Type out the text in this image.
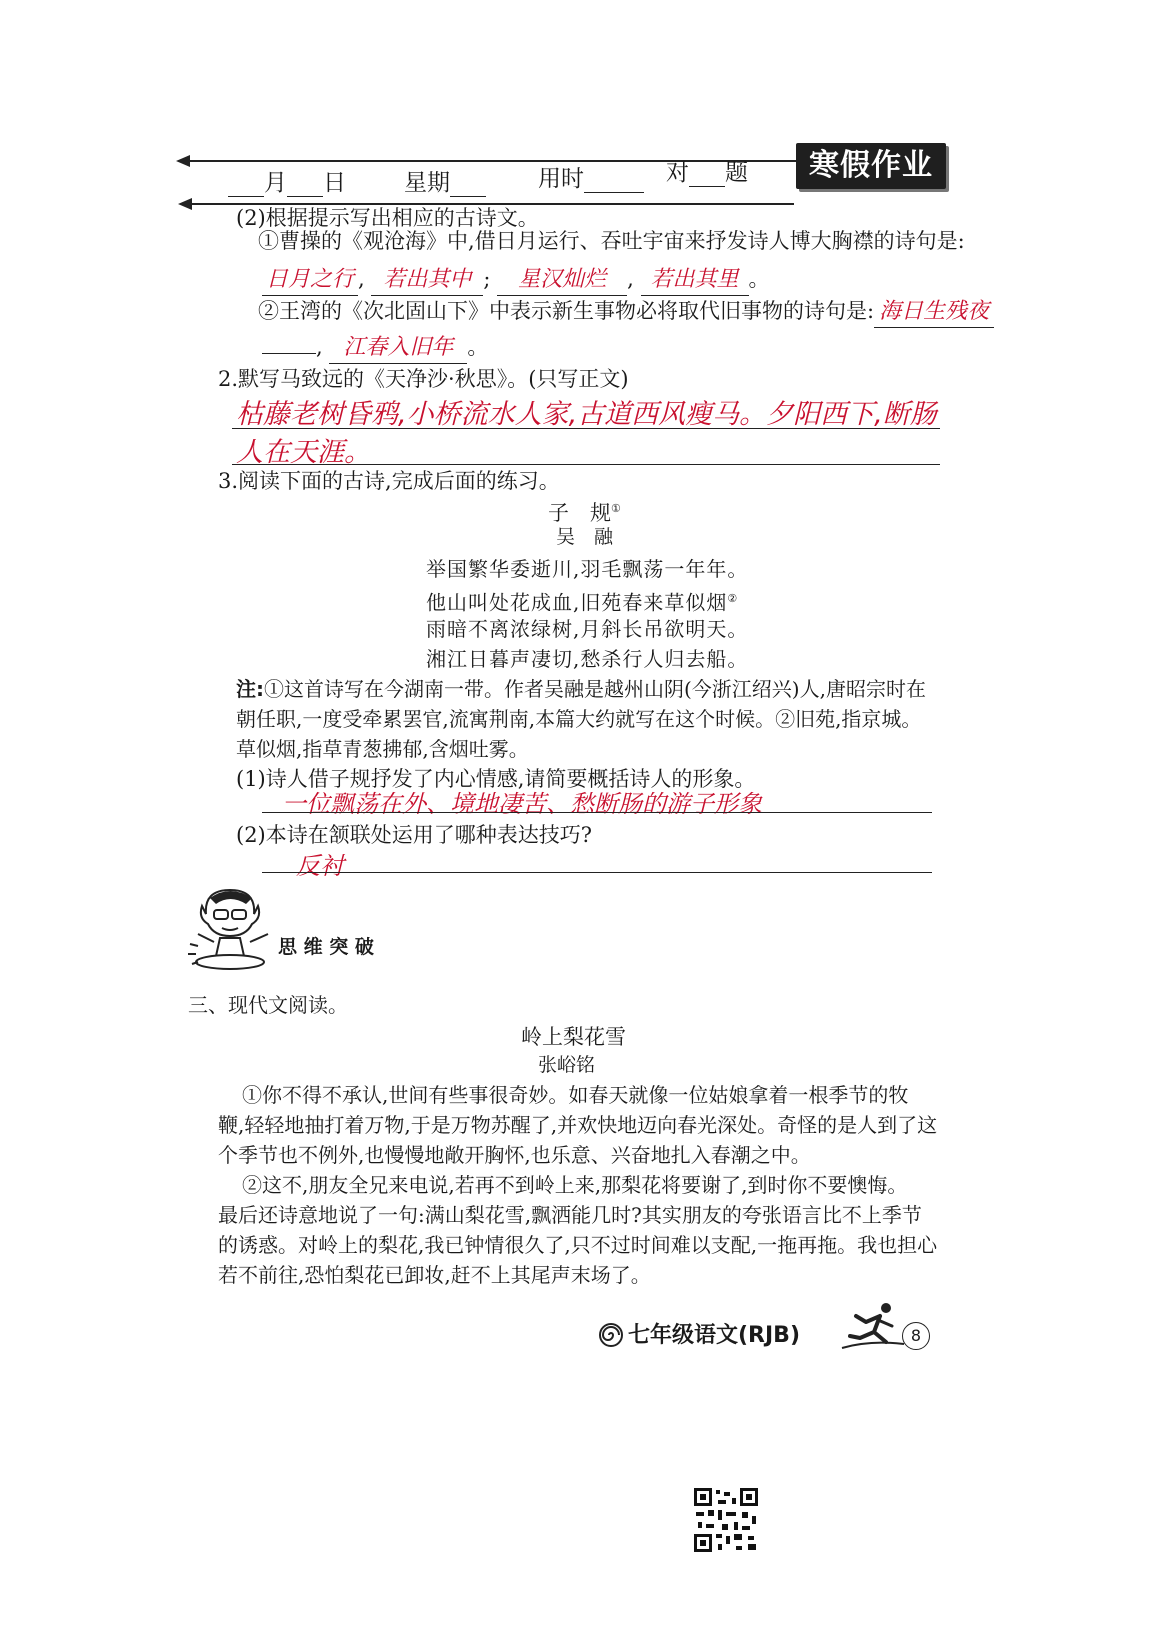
寒假作业
月 日	星期	用时	对 题
(2)根据提示写出相应的古诗文。
①曹操的《观沧海》中,借日月运行、吞吐宇宙来抒发诗人博大胸襟的诗句是:
日月之行 , 若出其中 ; 星汉灿烂 , 若出其里 。
②王湾的《次北固山下》中表示新生事物必将取代旧事物的诗句是: 海日生残夜
, 江春入旧年 。
2.默写马致远的《天净沙·秋思》。(只写正文)
枯藤老树昏鸦,小桥流水人家,古道西风瘦马。夕阳西下,断肠
人在天涯。
3.阅读下面的古诗,完成后面的练习。
子　规①
吴　融
举国繁华委逝川,羽毛飘荡一年年。
他山叫处花成血,旧苑春来草似烟②
雨暗不离浓绿树,月斜长吊欲明天。
湘江日暮声凄切,愁杀行人归去船。
注:①这首诗写在今湖南一带。作者吴融是越州山阴(今浙江绍兴)人,唐昭宗时在
朝任职,一度受牵累罢官,流寓荆南,本篇大约就写在这个时候。②旧苑,指京城。
草似烟,指草青葱拂郁,含烟吐雾。
(1)诗人借子规抒发了内心情感,请简要概括诗人的形象。
一位飘荡在外、境地凄苦、愁断肠的游子形象
(2)本诗在颔联处运用了哪种表达技巧?
反衬
思 维 突 破
三、现代文阅读。
岭上梨花雪
张峪铭
①你不得不承认,世间有些事很奇妙。如春天就像一位姑娘拿着一根季节的牧
鞭,轻轻地抽打着万物,于是万物苏醒了,并欢快地迈向春光深处。奇怪的是人到了这
个季节也不例外,也慢慢地敞开胸怀,也乐意、兴奋地扎入春潮之中。
②这不,朋友全兄来电说,若再不到岭上来,那梨花将要谢了,到时你不要懊悔。
最后还诗意地说了一句:满山梨花雪,飘洒能几时?其实朋友的夸张语言比不上季节
的诱惑。对岭上的梨花,我已钟情很久了,只不过时间难以支配,一拖再拖。我也担心
若不前往,恐怕梨花已卸妆,赶不上其尾声末场了。
七年级语文(RJB)	8
